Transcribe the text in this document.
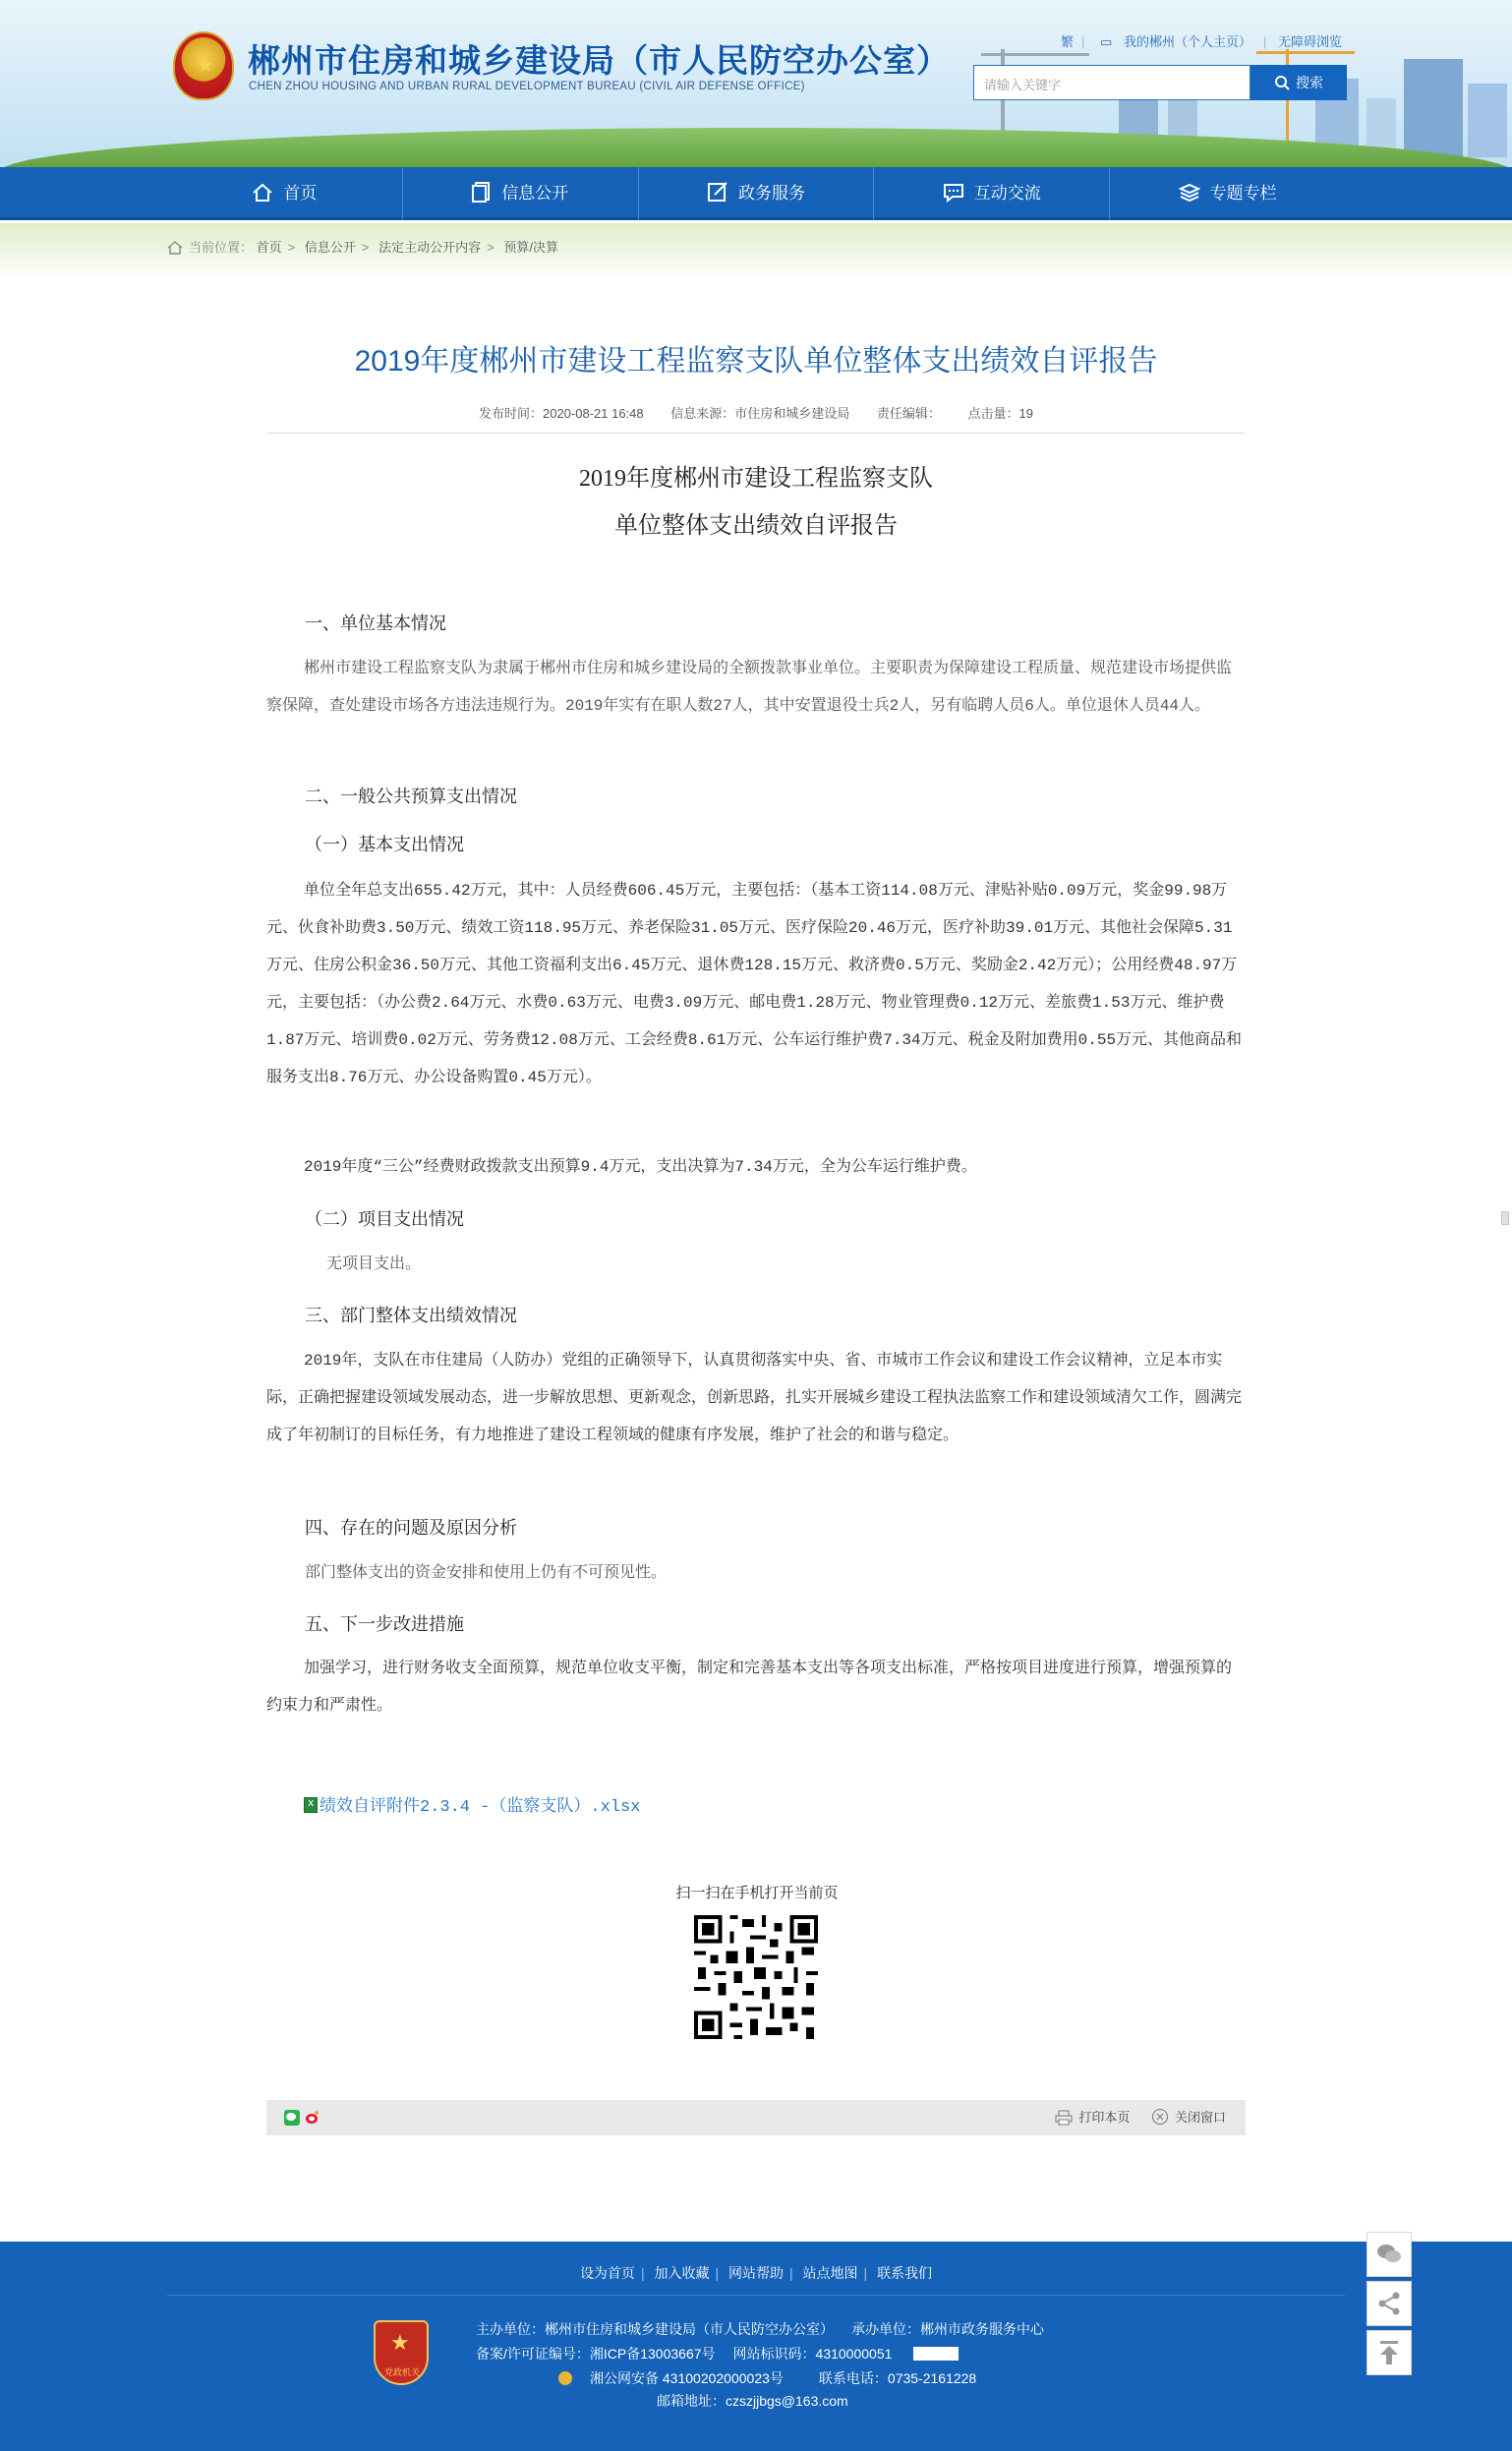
★ 郴州市住房和城乡建设局（市人民防空办公室）
CHEN ZHOU HOUSING AND URBAN RURAL DEVELOPMENT BUREAU (CIVIL AIR DEFENSE OFFICE)
繁 | ▭ 我的郴州（个人主页） | 无障碍浏览
请输入关键字	搜索
首页	信息公开	政务服务	互动交流	专题专栏
当前位置： 首页 > 信息公开 > 法定主动公开内容 > 预算/决算
2019年度郴州市建设工程监察支队单位整体支出绩效自评报告
发布时间：2020-08-21 16:48 信息来源：市住房和城乡建设局 责任编辑： 点击量：19
2019年度郴州市建设工程监察支队
单位整体支出绩效自评报告
一、单位基本情况
郴州市建设工程监察支队为隶属于郴州市住房和城乡建设局的全额拨款事业单位。主要职责为保障建设工程质量、规范建设市场提供监察保障，查处建设市场各方违法违规行为。2019年实有在职人数27人，其中安置退役士兵2人，另有临聘人员6人。单位退休人员44人。
二、一般公共预算支出情况
（一）基本支出情况
单位全年总支出655.42万元，其中：人员经费606.45万元，主要包括：（基本工资114.08万元、津贴补贴0.09万元，奖金99.98万元、伙食补助费3.50万元、绩效工资118.95万元、养老保险31.05万元、医疗保险20.46万元，医疗补助39.01万元、其他社会保障5.31万元、住房公积金36.50万元、其他工资福利支出6.45万元、退休费128.15万元、救济费0.5万元、奖励金2.42万元）；公用经费48.97万元，主要包括：（办公费2.64万元、水费0.63万元、电费3.09万元、邮电费1.28万元、物业管理费0.12万元、差旅费1.53万元、维护费1.87万元、培训费0.02万元、劳务费12.08万元、工会经费8.61万元、公车运行维护费7.34万元、税金及附加费用0.55万元、其他商品和服务支出8.76万元、办公设备购置0.45万元）。
2019年度“三公”经费财政拨款支出预算9.4万元，支出决算为7.34万元，全为公车运行维护费。
（二）项目支出情况
无项目支出。
三、部门整体支出绩效情况
2019年，支队在市住建局（人防办）党组的正确领导下，认真贯彻落实中央、省、市城市工作会议和建设工作会议精神，立足本市实际，正确把握建设领域发展动态，进一步解放思想、更新观念，创新思路，扎实开展城乡建设工程执法监察工作和建设领域清欠工作，圆满完成了年初制订的目标任务，有力地推进了建设工程领域的健康有序发展，维护了社会的和谐与稳定。
四、存在的问题及原因分析
部门整体支出的资金安排和使用上仍有不可预见性。
五、下一步改进措施
加强学习，进行财务收支全面预算，规范单位收支平衡，制定和完善基本支出等各项支出标准，严格按项目进度进行预算，增强预算的约束力和严肃性。
x绩效自评附件2.3.4 -（监察支队）.xlsx
扫一扫在手机打开当前页

打印本页	关闭窗口
设为首页 | 加入收藏 | 网站帮助 | 站点地图 | 联系我们
★
党政机关
主办单位：郴州市住房和城乡建设局（市人民防空办公室） 承办单位：郴州市政务服务中心
备案/许可证编号：湘ICP备13003667号 网站标识码：4310000051
湘公网安备 43100202000023号	联系电话：0735-2161228
邮箱地址：czszjjbgs@163.com
